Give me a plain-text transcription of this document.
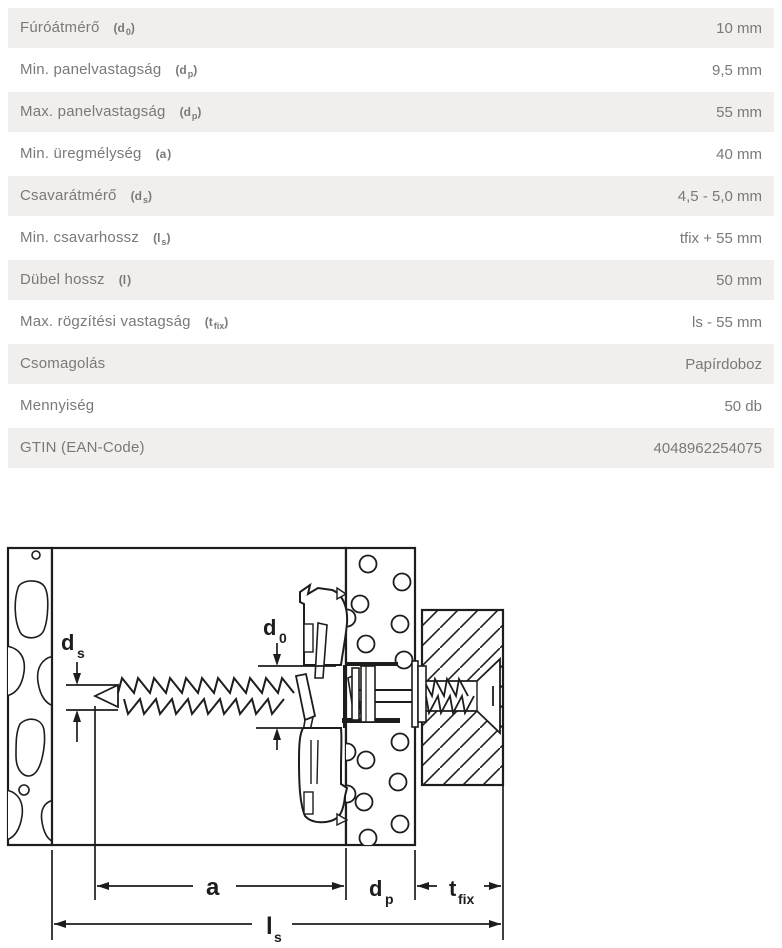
Fúróátmérő $(d_0)$	10 mm
Min. panelvastagság $(d_p)$	9,5 mm
Max. panelvastagság $(d_p)$	55 mm
Min. üregmélység (a)	40 mm
Csavarátmérő $(d_s)$	4,5 - 5,0 mm
Min. csavarhossz $(l_s)$	tfix + 55 mm
Dübel hossz (l)	50 mm
Max. rögzítési vastagság $(t_{fix})$	ls - 55 mm
Csomagolás	Papírdoboz
Mennyiség	50 db
GTIN (EAN-Code)	4048962254075
d s
d 0
a	d p	t fix
l s
